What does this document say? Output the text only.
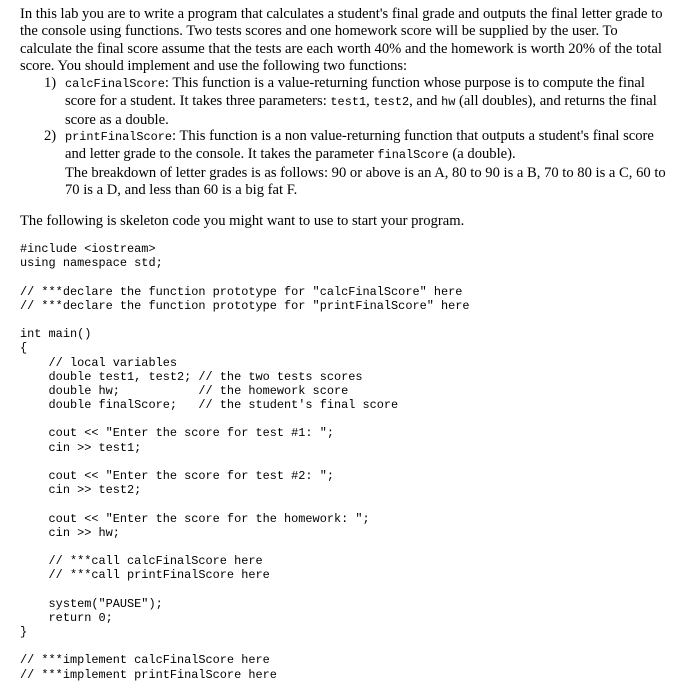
In this lab you are to write a program that calculates a student's final grade and outputs the final letter grade to the console using functions. Two tests scores and one homework score will be supplied by the user. To calculate the final score assume that the tests are each worth 40% and the homework is worth 20% of the total score. You should implement and use the following two functions:

1) calcFinalScore: This function is a value-returning function whose purpose is to compute the final score for a student. It takes three parameters: test1, test2, and hw (all doubles), and returns the final score as a double.

2) printFinalScore: This function is a non value-returning function that outputs a student's final score and letter grade to the console. It takes the parameter finalScore (a double).

The breakdown of letter grades is as follows: 90 or above is an A, 80 to 90 is a B, 70 to 80 is a C, 60 to 70 is a D, and less than 60 is a big fat F.

The following is skeleton code you might want to use to start your program.
#include <iostream>
using namespace std;
// ***declare the function prototype for "calcFinalScore" here
// ***declare the function prototype for "printFinalScore" here
int main()
{
// local variables
double test1, test2; // the two tests scores
double hw;           // the homework score
double finalScore;   // the student's final score
cout << "Enter the score for test #1: ";
cin >> test1;
cout << "Enter the score for test #2: ";
cin >> test2;
cout << "Enter the score for the homework: ";
cin >> hw;
// ***call calcFinalScore here
// ***call printFinalScore here
system("PAUSE");
return 0;
}
// ***implement calcFinalScore here
// ***implement printFinalScore here
